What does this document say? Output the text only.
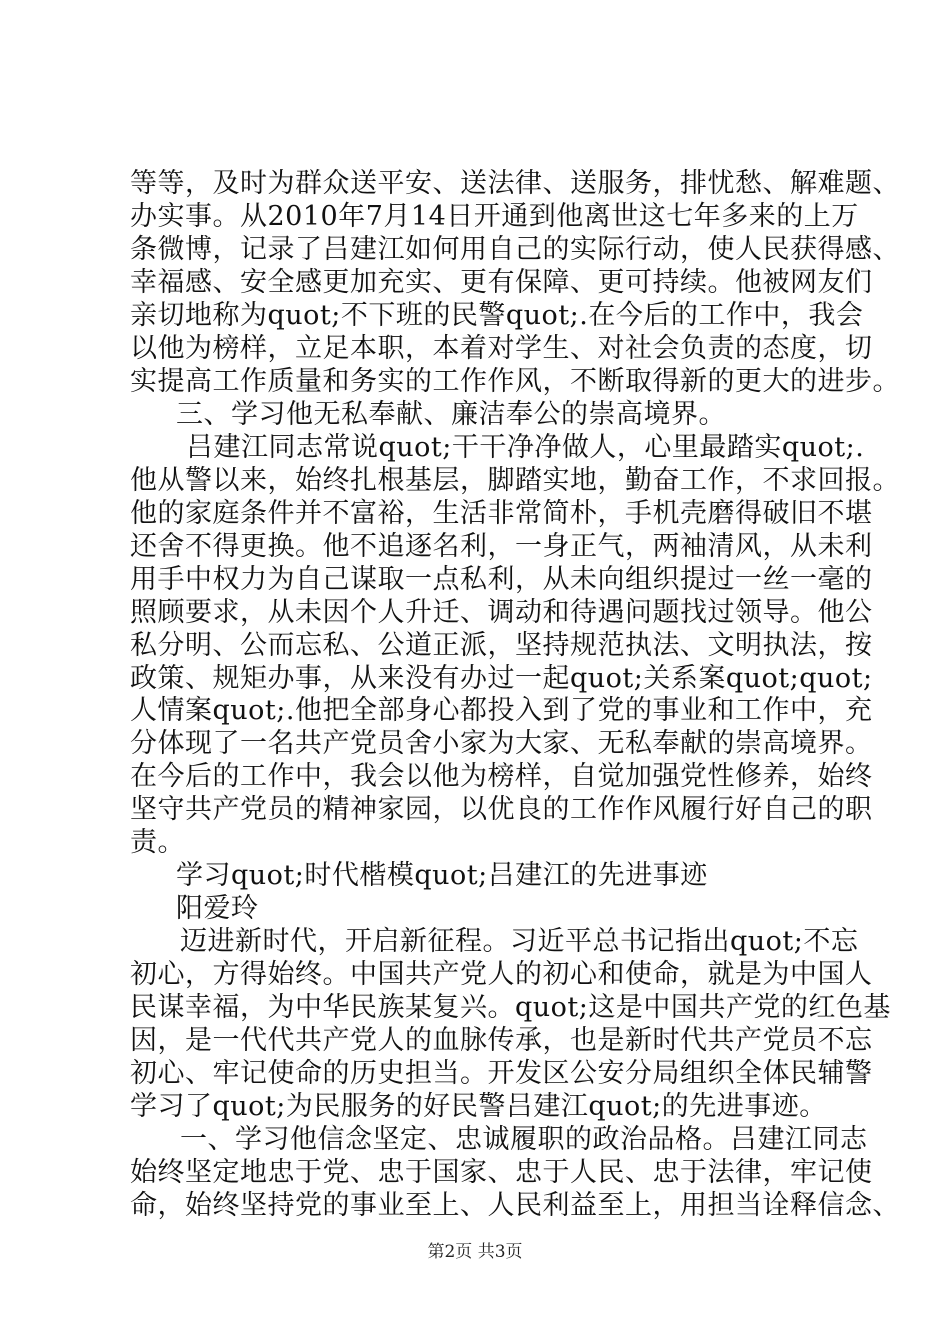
等等，及时为群众送平安、送法律、送服务，排忧愁、解难题、
办实事。从2010年7月14日开通到他离世这七年多来的上万
条微博，记录了吕建江如何用自己的实际行动，使人民获得感、
幸福感、安全感更加充实、更有保障、更可持续。他被网友们
亲切地称为quot;不下班的民警quot;.在今后的工作中，我会
以他为榜样，立足本职，本着对学生、对社会负责的态度，切
实提高工作质量和务实的工作作风，不断取得新的更大的进步。
三、学习他无私奉献、廉洁奉公的崇高境界。
吕建江同志常说quot;干干净净做人，心里最踏实quot;.
他从警以来，始终扎根基层，脚踏实地，勤奋工作，不求回报。
他的家庭条件并不富裕，生活非常简朴，手机壳磨得破旧不堪
还舍不得更换。他不追逐名利，一身正气，两袖清风，从未利
用手中权力为自己谋取一点私利，从未向组织提过一丝一毫的
照顾要求，从未因个人升迁、调动和待遇问题找过领导。他公
私分明、公而忘私、公道正派，坚持规范执法、文明执法，按
政策、规矩办事，从来没有办过一起quot;关系案quot;quot;
人情案quot;.他把全部身心都投入到了党的事业和工作中，充
分体现了一名共产党员舍小家为大家、无私奉献的崇高境界。
在今后的工作中，我会以他为榜样，自觉加强党性修养，始终
坚守共产党员的精神家园，以优良的工作作风履行好自己的职
责。
学习quot;时代楷模quot;吕建江的先进事迹
阳爱玲
迈进新时代，开启新征程。习近平总书记指出quot;不忘
初心，方得始终。中国共产党人的初心和使命，就是为中国人
民谋幸福，为中华民族某复兴。quot;这是中国共产党的红色基
因，是一代代共产党人的血脉传承，也是新时代共产党员不忘
初心、牢记使命的历史担当。开发区公安分局组织全体民辅警
学习了quot;为民服务的好民警吕建江quot;的先进事迹。
一、学习他信念坚定、忠诚履职的政治品格。吕建江同志
始终坚定地忠于党、忠于国家、忠于人民、忠于法律，牢记使
命，始终坚持党的事业至上、人民利益至上，用担当诠释信念、
第2页 共3页
